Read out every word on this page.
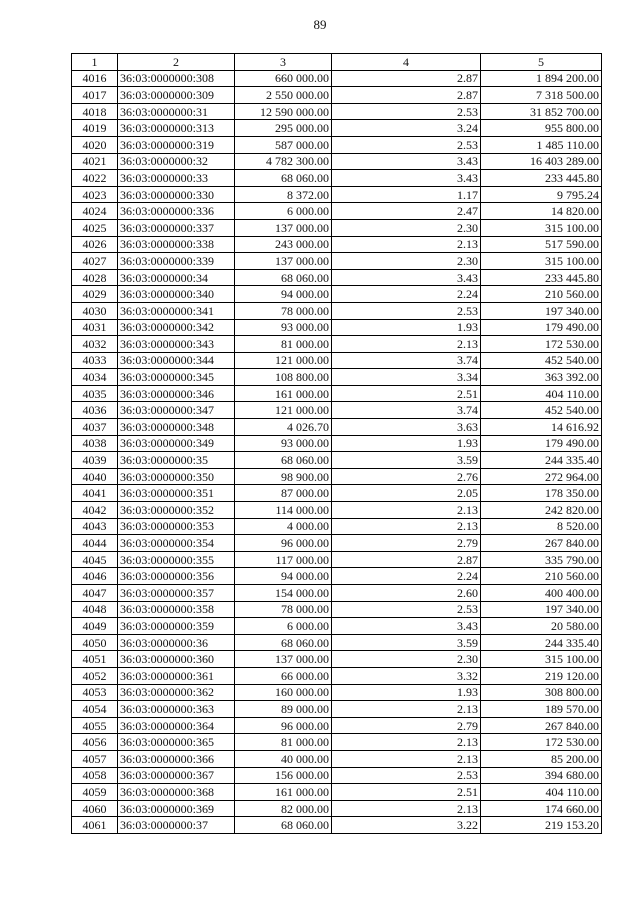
89
1	2	3	4	5
4016	36:03:0000000:308	660 000.00	2.87	1 894 200.00
4017	36:03:0000000:309	2 550 000.00	2.87	7 318 500.00
4018	36:03:0000000:31	12 590 000.00	2.53	31 852 700.00
4019	36:03:0000000:313	295 000.00	3.24	955 800.00
4020	36:03:0000000:319	587 000.00	2.53	1 485 110.00
4021	36:03:0000000:32	4 782 300.00	3.43	16 403 289.00
4022	36:03:0000000:33	68 060.00	3.43	233 445.80
4023	36:03:0000000:330	8 372.00	1.17	9 795.24
4024	36:03:0000000:336	6 000.00	2.47	14 820.00
4025	36:03:0000000:337	137 000.00	2.30	315 100.00
4026	36:03:0000000:338	243 000.00	2.13	517 590.00
4027	36:03:0000000:339	137 000.00	2.30	315 100.00
4028	36:03:0000000:34	68 060.00	3.43	233 445.80
4029	36:03:0000000:340	94 000.00	2.24	210 560.00
4030	36:03:0000000:341	78 000.00	2.53	197 340.00
4031	36:03:0000000:342	93 000.00	1.93	179 490.00
4032	36:03:0000000:343	81 000.00	2.13	172 530.00
4033	36:03:0000000:344	121 000.00	3.74	452 540.00
4034	36:03:0000000:345	108 800.00	3.34	363 392.00
4035	36:03:0000000:346	161 000.00	2.51	404 110.00
4036	36:03:0000000:347	121 000.00	3.74	452 540.00
4037	36:03:0000000:348	4 026.70	3.63	14 616.92
4038	36:03:0000000:349	93 000.00	1.93	179 490.00
4039	36:03:0000000:35	68 060.00	3.59	244 335.40
4040	36:03:0000000:350	98 900.00	2.76	272 964.00
4041	36:03:0000000:351	87 000.00	2.05	178 350.00
4042	36:03:0000000:352	114 000.00	2.13	242 820.00
4043	36:03:0000000:353	4 000.00	2.13	8 520.00
4044	36:03:0000000:354	96 000.00	2.79	267 840.00
4045	36:03:0000000:355	117 000.00	2.87	335 790.00
4046	36:03:0000000:356	94 000.00	2.24	210 560.00
4047	36:03:0000000:357	154 000.00	2.60	400 400.00
4048	36:03:0000000:358	78 000.00	2.53	197 340.00
4049	36:03:0000000:359	6 000.00	3.43	20 580.00
4050	36:03:0000000:36	68 060.00	3.59	244 335.40
4051	36:03:0000000:360	137 000.00	2.30	315 100.00
4052	36:03:0000000:361	66 000.00	3.32	219 120.00
4053	36:03:0000000:362	160 000.00	1.93	308 800.00
4054	36:03:0000000:363	89 000.00	2.13	189 570.00
4055	36:03:0000000:364	96 000.00	2.79	267 840.00
4056	36:03:0000000:365	81 000.00	2.13	172 530.00
4057	36:03:0000000:366	40 000.00	2.13	85 200.00
4058	36:03:0000000:367	156 000.00	2.53	394 680.00
4059	36:03:0000000:368	161 000.00	2.51	404 110.00
4060	36:03:0000000:369	82 000.00	2.13	174 660.00
4061	36:03:0000000:37	68 060.00	3.22	219 153.20
